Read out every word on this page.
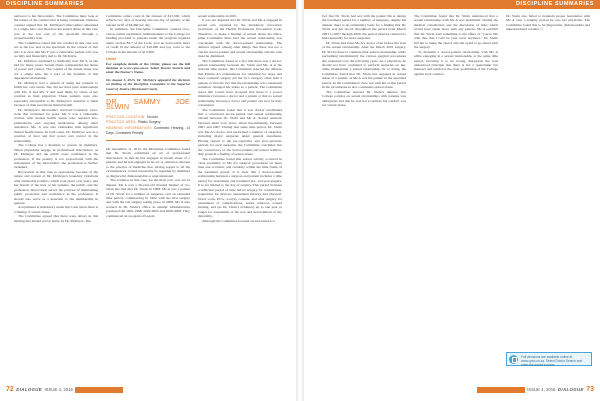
DISCIPLINE SUMMARIES	DISCIPLINE SUMMARIES

pertional to her misconduct. The Committee must look at the nature of the conduct that is being considered. Defence counsel argued that Dr. McIntyre's misconduct amounted to a single lens, and therefore the sexual abuse in this case was at the low end of the spectrum through a proportionality lens.

The Committee found that the conduct in this case was not at the low end of the spectrum. In the context of that lens it is clear that Ms Y was a vulnerable patient who was socially and financially tied to Dr. McIntyre.

Dr. McIntyre continued to medically treat Ms Y, as she had for many years. Sexual abuse compounded the abuse of power and control. The context of the sexual abuse was not a single lens, but a part of the dynamic of this dependent relationship.

Dr. McIntyre had a pattern of using her patients to fulfill her own needs. She did not have pure relationships with Ms. X and Ms. Y and used them, by virtue of her position as their physician. These patients were also especially susceptible to Dr. McIntyre's attention to them because of their precarious mental health.

Dr. McIntyre's misconduct involved boundary violations that continued for years. Ms Y was a vulnerable woman with mental health issues who required hospitalizations, and ongoing medication, among other assistance. Ms. X was also vulnerable with significant mental health issues. In both cases, Dr. McIntyre was in a position of trust and had power and control in the relationship.

The College has a mandate to govern its members. When physicians engage in professional misconduct, as Dr. McIntyre did, the public loses confidence in the profession. If the penalty is not proportional with the seriousness of the misconduct, the profession is further tarnished.

Revocation in this case is appropriate because of the nature and context of Dr. McIntyre's boundary violations with vulnerable patients, which took place over years, and her breach of the trust of her patients, the public, and the profession. Revocation serves the purpose of maintaining public protection and confidence in the profession. It should also serve as a deterrent to the membership in general.

A reprimand is mandatory under the Code when there is a finding of sexual abuse.

The Committee agreed that there were delays in this hearing that should not be borne by Dr. McIntyre. The

Committee orders costs in the amount of $13,360, which reflects two days of hearing and one day of penalty, at the current tariff of $4,460 per day.

In summary, the Discipline Committee ordered revocation, public reprimand, reimbursement to the College for funding provided to patients under the program required under section 85.7 of the Code, post an irrevocable letter of credit in the amount of $16,060 and pay costs to the College in the amount of $13,360.

Order

For complete details of the Order, please see the full decision at www.cpso.on.ca. Select Doctor Search and enter the Doctor's Name.

On August 5, 2015, Dr. McIntyre appealed the decision on finding of the Discipline Committee to the Superior Court of Justice (Divisional Court).

DR. SAMMY JOE SLWIN
PRACTICE LOCATION: Toronto
PRACTICE AREA: Plastic Surgery
HEARING INFORMATION: Contested Hearing, 14 Days, Contested Penalty

On September 11, 2015, the Discipline Committee found that Dr. Slwin committed an act of professional misconduct, in that he has engaged in sexual abuse of a patient, and he has engaged in an act or omission relevant to the practice of medicine that, having regard to all the circumstances, would reasonably be regarded by members as disgraceful, dishonourable or unprofessional.

The evidence in this case, for the most part, was not in dispute. Ms A was a 29-year-old married mother of two when she first met Dr. Slwin in 1988. Ms A was a patient of Dr. Slwin for a number of surgeries over an extended time period, commencing in 1992 with the first surgery and with the last surgery taking place in 2008. Ms A also worked in Dr. Slwin's office in smaller administrative position from 1992-1998, 2002-2005 and 2006-2008. They commenced an on-again off-again

sexual relationship in 2001.

It was not disputed that Dr. Slwin and Ms A engaged in sexual acts captured by the mandatory revocation provisions of the Health Professions Procedural Code. Therefore, to make a finding of sexual abuse the Discipline Committee must find the sexual relationship was concurrent with the doctor-patient relationship. The defence argued, among other things, that there was not a current doctor-patient and sexual relationship and the case must be dismissed.

The Committee found as a fact that there was a doctor-patient relationship between Dr. Slwin and Ms. A at the relevant time period. The Committee rejected the defence that Patient A's explanations for returning for more and more cosmetic surgery put her in a category other than a patient, or that the fact that the relationship was consensual somehow changed her status as a patient. The Committee noted that Courts have accepted that there is a power imbalance between a doctor and a patient or that no sexual relationship between a doctor and patient can ever be truly consensual.

The Committee found that it was clearly established that a concurrent doctor-patient and sexual relationship existed between Dr. Slwin and Ms A. Sexual relations between them took place, albeit intermittently, between 2001 and 2007. During that same time period, Dr. Slwin was Ms A's doctor and performed a number of surgeries, including major surgeries under general anesthesia. Having regard to the pre-operative and post-operative periods for each surgeries, the Committee concludes that the concurrency of the doctor-patient and sexual relationship grounds a finding of sexual abuse.

The Committee found that sexual activity occurred in close proximity to Ms A's surgical procedures on more than one occasion, and certainly within the time frame of the treatment period. It is clear that a doctor-patient relationship between a surgeon and patient includes a time period for assessment and treatment pre- and post-surgery. It is not limited to the day of surgery. This period includes a sufficient period of time before surgery for consultation, requisition for devices, assessment (history and physical, blood work, ECG, x-rays), consent, and after surgery for assessment of complications, suture removal, wound healing, and (as Dr. Slwin's evidence) up to one year or longer for assessment of the scar and development of any deformity.

Although the Committee focused on and found as a

fact that Dr. Slwin had sex with his patient Ms A during the treatment period for a number of surgeries, despite his denials, there is an evidentiary basis for a finding that Dr. Slwin was her doctor throughout the period from March 2001 to 2007 through 2009, the period when he returned to him repeatedly for more surgeries.

Dr. Slwin had been Ms A's doctor even before the start of the sexual relationship. After the March 2001 surgery, Dr. Slwin chose to continue their sexual relationship, while performing intermittently the various surgical procedures she requested over the following years. As a physician, he should not have continued to perform surgeries on her, while maintaining a sexual relationship. In so doing, the Committee found that Dr. Slwin has engaged in sexual abuse of a patient, as Ms A was his patient in the specified period. In the Committee's view, ten with her at that period in the circumstances also constitutes sexual abuse.

The Committee rejected Dr. Slwin's defence that College policies on sexual relationships with patients was ambiguous and that he was led to believe his conduct was not sexual abuse.

The Committee found that Dr. Slwin understood that a sexual relationship with Ms A was prohibited. During the medical consultation and the discussion of risks which would have taken place with any patient, Ms A testified that Dr. Slwin said something to the effect of "you're OK with this, that I can't be your lover anymore." Dr. Slwin left her to make the choice and she opted to go ahead with the surgery.

To maintain a doctor-patient relationship with Ms A while engaging in a sexual relationship, at the same time period, knowing it to be wrong, disregards the well understood principle that there is not a 'quarantine' but intersect and reinforce the clear prohibition of the College against such conduct.

Dr. Slwin also failed to maintain proper boundaries with Ms A over a lengthy period he was her physician. The Committee found this to be disgraceful, dishonourable and unprofessional conduct. □

Full decisions are available online at www.cpso.on.ca. Select Doctor Search and enter the doctor's name.
72 DIALOGUE ISSUE 4, 2016	ISSUE 4, 2016 DIALOGUE 73
